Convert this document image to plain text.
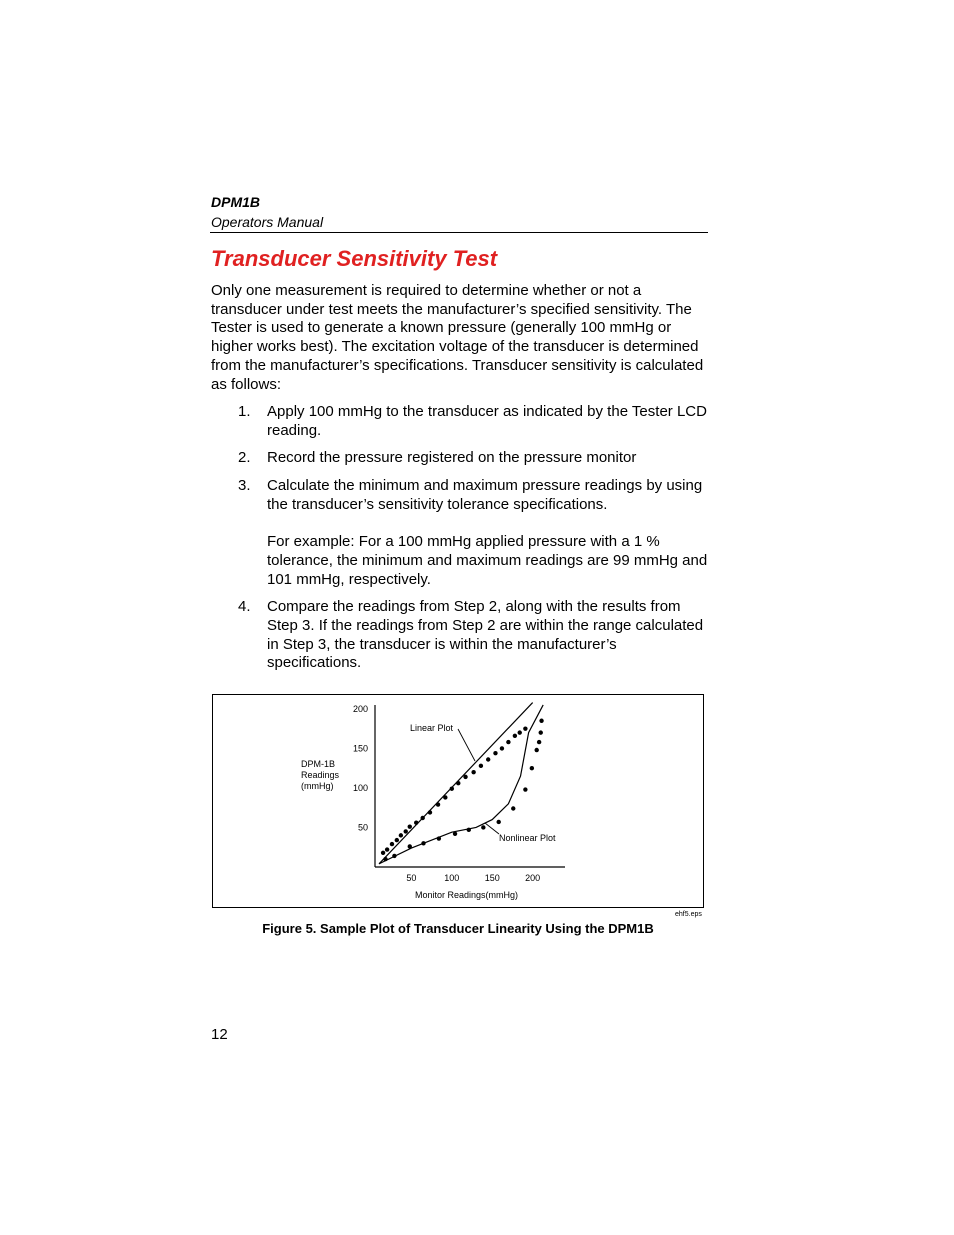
DPM1B
Operators Manual
Transducer Sensitivity Test

Only one measurement is required to determine whether or not a transducer under test meets the manufacturer’s specified sensitivity. The Tester is used to generate a known pressure (generally 100 mmHg or higher works best). The excitation voltage of the transducer is determined from the manufacturer’s specifications. Transducer sensitivity is calculated as follows:

1. Apply 100 mmHg to the transducer as indicated by the Tester LCD reading.

2. Record the pressure registered on the pressure monitor

3. Calculate the minimum and maximum pressure readings by using the transducer’s sensitivity tolerance specifications.

For example: For a 100 mmHg applied pressure with a 1 % tolerance, the minimum and maximum readings are 99 mmHg and 101 mmHg, respectively.

4. Compare the readings from Step 2, along with the results from Step 3. If the readings from Step 2 are within the range calculated in Step 3, the transducer is within the manufacturer’s specifications.

50
100
150
200
50	100	150	200
DPM-1B
Readings
(mmHg)
Monitor Readings(mmHg)
Linear Plot
Nonlinear Plot
ehf5.eps
Figure 5. Sample Plot of Transducer Linearity Using the DPM1B
12
